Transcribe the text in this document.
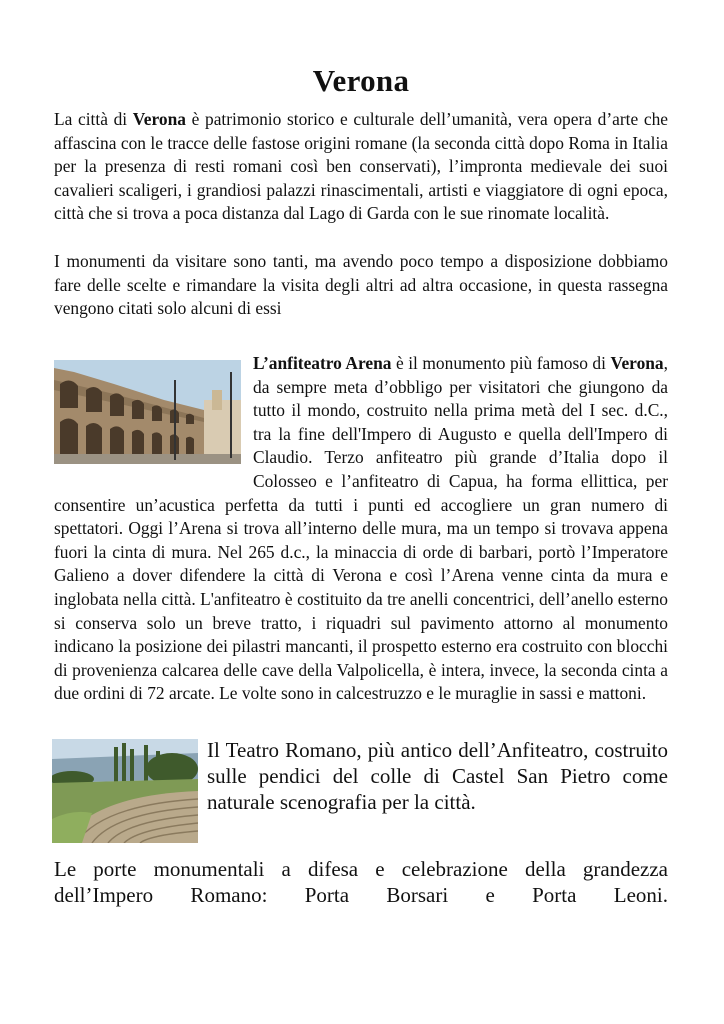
Verona

La città di Verona è patrimonio storico e culturale dell’umanità, vera opera d’arte che affascina con le tracce delle fastose origini romane (la seconda città dopo Roma in Italia per la presenza di resti romani così ben conservati), l’impronta medievale dei suoi cavalieri scaligeri, i grandiosi palazzi rinascimentali, artisti e viaggiatore di ogni epoca, città che si trova a poca distanza dal Lago di Garda con le sue rinomate località.

I monumenti da visitare sono tanti, ma avendo poco tempo a disposizione dobbiamo fare delle scelte e rimandare la visita degli altri ad altra occasione, in questa rassegna vengono citati solo alcuni di essi

L’anfiteatro Arena è il monumento più famoso di Verona, da sempre meta d’obbligo per visitatori che giungono da tutto il mondo, costruito nella prima metà del I sec. d.C., tra la fine dell'Impero di Augusto e quella dell'Impero di Claudio. Terzo anfiteatro più grande d’Italia dopo il Colosseo e l’anfiteatro di Capua, ha forma ellittica, per consentire un’acustica perfetta da tutti i punti ed accogliere un gran numero di spettatori. Oggi l’Arena si trova all’interno delle mura, ma un tempo si trovava appena fuori la cinta di mura. Nel 265 d.c., la minaccia di orde di barbari, portò l’Imperatore Galieno a dover difendere la città di Verona e così l’Arena venne cinta da mura e inglobata nella città. L'anfiteatro è costituito da tre anelli concentrici, dell’anello esterno si conserva solo un breve tratto, i riquadri sul pavimento attorno al monumento indicano la posizione dei pilastri mancanti, il prospetto esterno era costruito con blocchi di provenienza calcarea delle cave della Valpolicella, è intera, invece, la seconda cinta a due ordini di 72 arcate. Le volte sono in calcestruzzo e le muraglie in sassi e mattoni.

Il Teatro Romano, più antico dell’Anfiteatro, costruito sulle pendici del colle di Castel San Pietro come naturale scenografia per la città.

Le porte monumentali a difesa e celebrazione della grandezza dell’Impero Romano: Porta Borsari e Porta Leoni.
